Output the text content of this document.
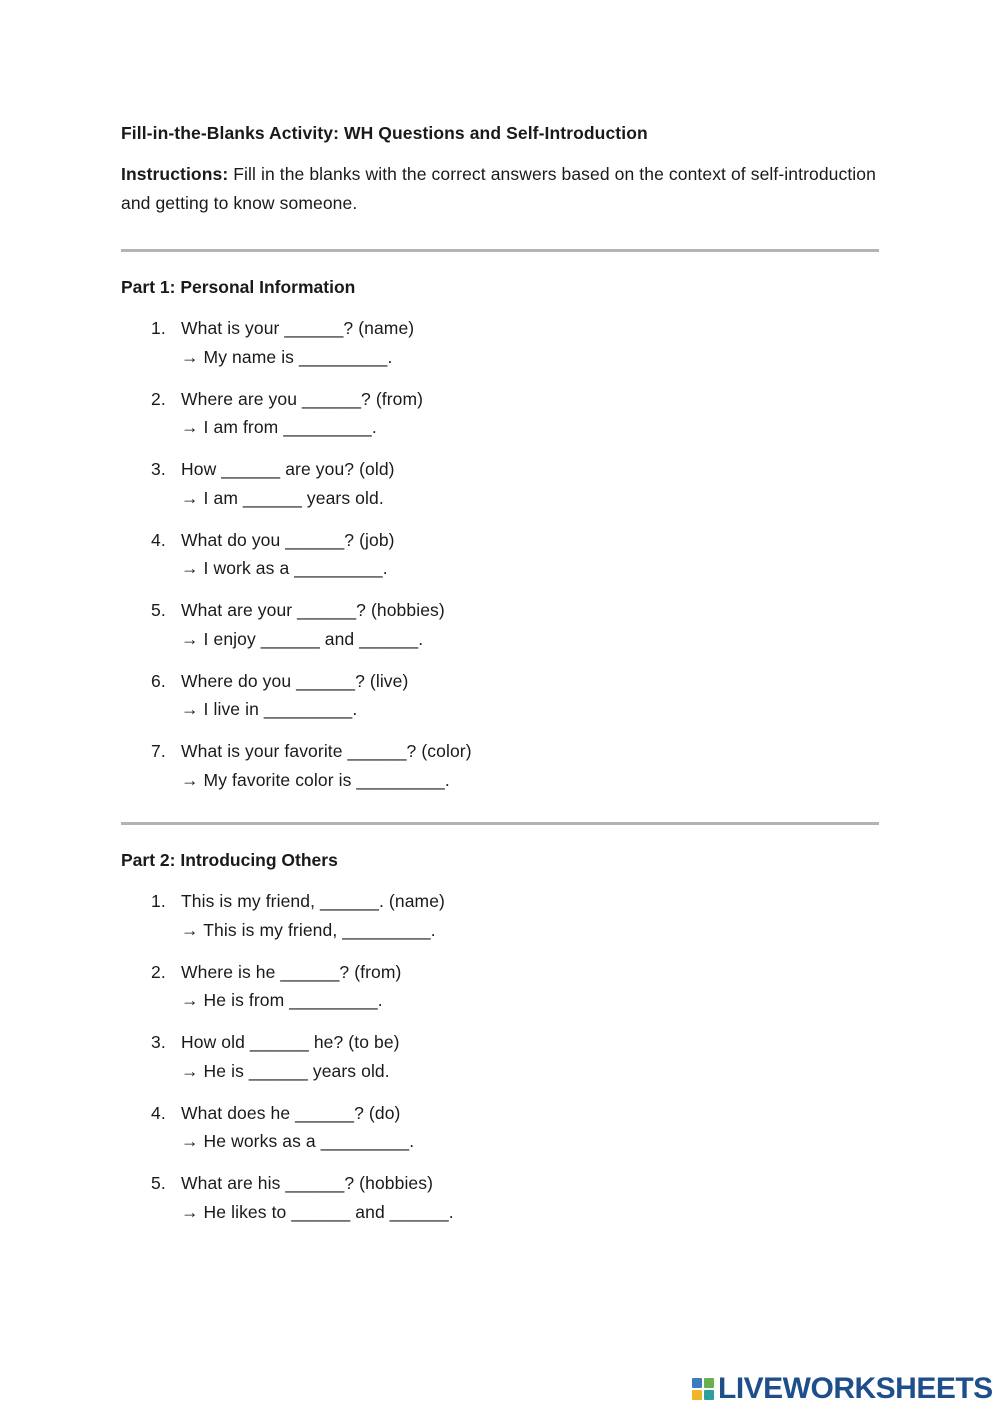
Fill-in-the-Blanks Activity: WH Questions and Self-Introduction

Instructions: Fill in the blanks with the correct answers based on the context of self-introduction and getting to know someone.

Part 1: Personal Information
1. What is your ______? (name)
→ My name is _________.
2. Where are you ______? (from)
→ I am from _________.
3. How ______ are you? (old)
→ I am ______ years old.
4. What do you ______? (job)
→ I work as a _________.
5. What are your ______? (hobbies)
→ I enjoy ______ and ______.
6. Where do you ______? (live)
→ I live in _________.
7. What is your favorite ______? (color)
→ My favorite color is _________.
Part 2: Introducing Others
1. This is my friend, ______. (name)
→ This is my friend, _________.
2. Where is he ______? (from)
→ He is from _________.
3. How old ______ he? (to be)
→ He is ______ years old.
4. What does he ______? (do)
→ He works as a _________.
5. What are his ______? (hobbies)
→ He likes to ______ and ______.
LIVEWORKSHEETS
